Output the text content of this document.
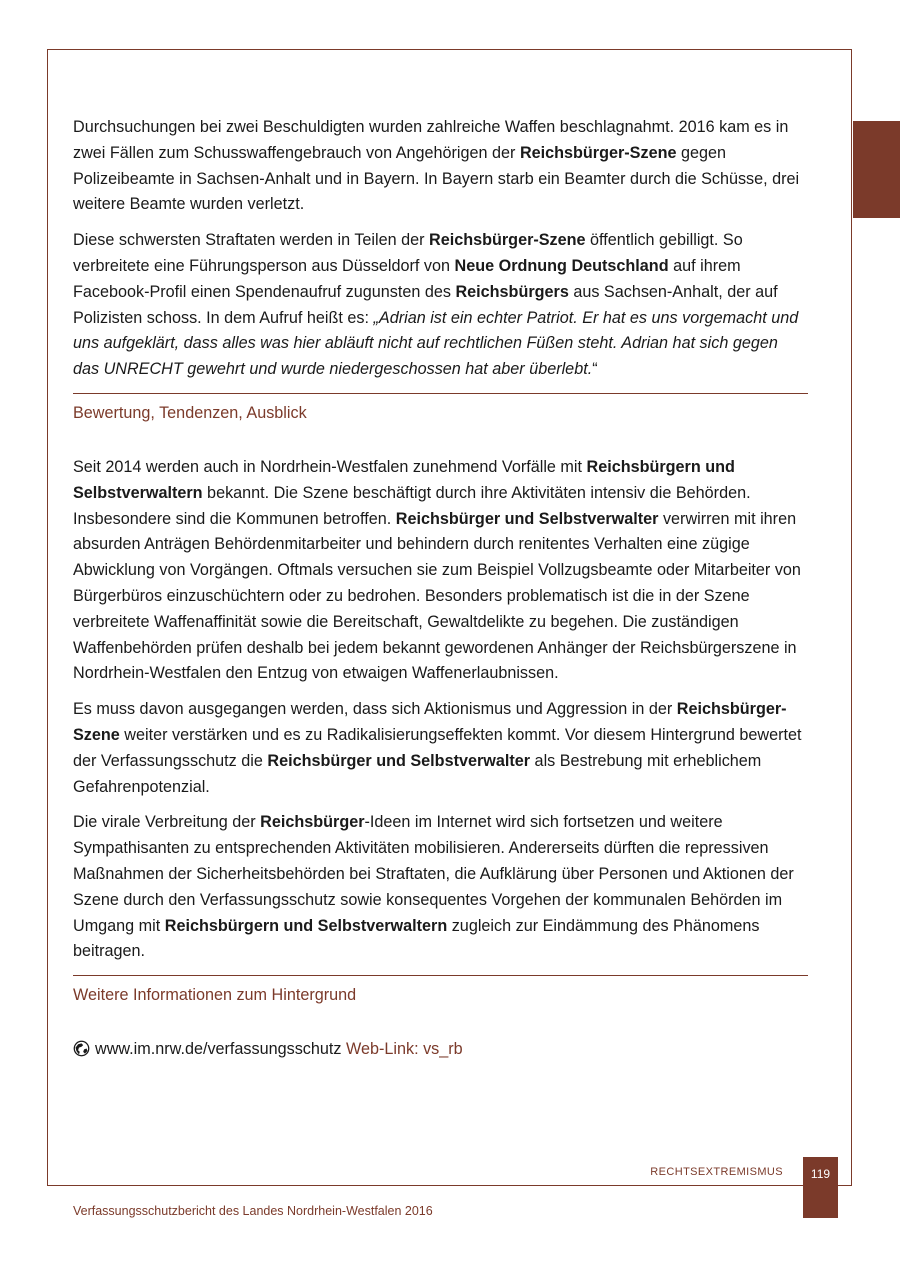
Durchsuchungen bei zwei Beschuldigten wurden zahlreiche Waffen beschlagnahmt. 2016 kam es in zwei Fällen zum Schusswaffengebrauch von Angehörigen der Reichsbürger-Szene gegen Polizeibeamte in Sachsen-Anhalt und in Bayern. In Bayern starb ein Beamter durch die Schüsse, drei weitere Beamte wurden verletzt.

Diese schwersten Straftaten werden in Teilen der Reichsbürger-Szene öffentlich gebilligt. So verbreitete eine Führungsperson aus Düsseldorf von Neue Ordnung Deutschland auf ihrem Facebook-Profil einen Spendenaufruf zugunsten des Reichsbürgers aus Sachsen-Anhalt, der auf Polizisten schoss. In dem Aufruf heißt es: „Adrian ist ein echter Patriot. Er hat es uns vorgemacht und uns aufgeklärt, dass alles was hier abläuft nicht auf rechtlichen Füßen steht. Adrian hat sich gegen das UNRECHT gewehrt und wurde niedergeschossen hat aber überlebt.“

Bewertung, Tendenzen, Ausblick

Seit 2014 werden auch in Nordrhein-Westfalen zunehmend Vorfälle mit Reichsbürgern und Selbstverwaltern bekannt. Die Szene beschäftigt durch ihre Aktivitäten intensiv die Behörden. Insbesondere sind die Kommunen betroffen. Reichsbürger und Selbstverwalter verwirren mit ihren absurden Anträgen Behördenmitarbeiter und behindern durch renitentes Verhalten eine zügige Abwicklung von Vorgängen. Oftmals versuchen sie zum Beispiel Vollzugsbeamte oder Mitarbeiter von Bürgerbüros einzuschüchtern oder zu bedrohen. Besonders problematisch ist die in der Szene verbreitete Waffenaffinität sowie die Bereitschaft, Gewaltdelikte zu begehen. Die zuständigen Waffenbehörden prüfen deshalb bei jedem bekannt gewordenen Anhänger der Reichsbürgerszene in Nordrhein-Westfalen den Entzug von etwaigen Waffenerlaubnissen.

Es muss davon ausgegangen werden, dass sich Aktionismus und Aggression in der Reichsbürger-Szene weiter verstärken und es zu Radikalisierungseffekten kommt. Vor diesem Hintergrund bewertet der Verfassungsschutz die Reichsbürger und Selbstverwalter als Bestrebung mit erheblichem Gefahrenpotenzial.

Die virale Verbreitung der Reichsbürger-Ideen im Internet wird sich fortsetzen und weitere Sympathisanten zu entsprechenden Aktivitäten mobilisieren. Andererseits dürften die repressiven Maßnahmen der Sicherheitsbehörden bei Straftaten, die Aufklärung über Personen und Aktionen der Szene durch den Verfassungsschutz sowie konsequentes Vorgehen der kommunalen Behörden im Umgang mit Reichsbürgern und Selbstverwaltern zugleich zur Eindämmung des Phänomens beitragen.

Weitere Informationen zum Hintergrund
www.im.nrw.de/verfassungsschutz Web-Link: vs_rb
RECHTSEXTREMISMUS	119
Verfassungsschutzbericht des Landes Nordrhein-Westfalen 2016
